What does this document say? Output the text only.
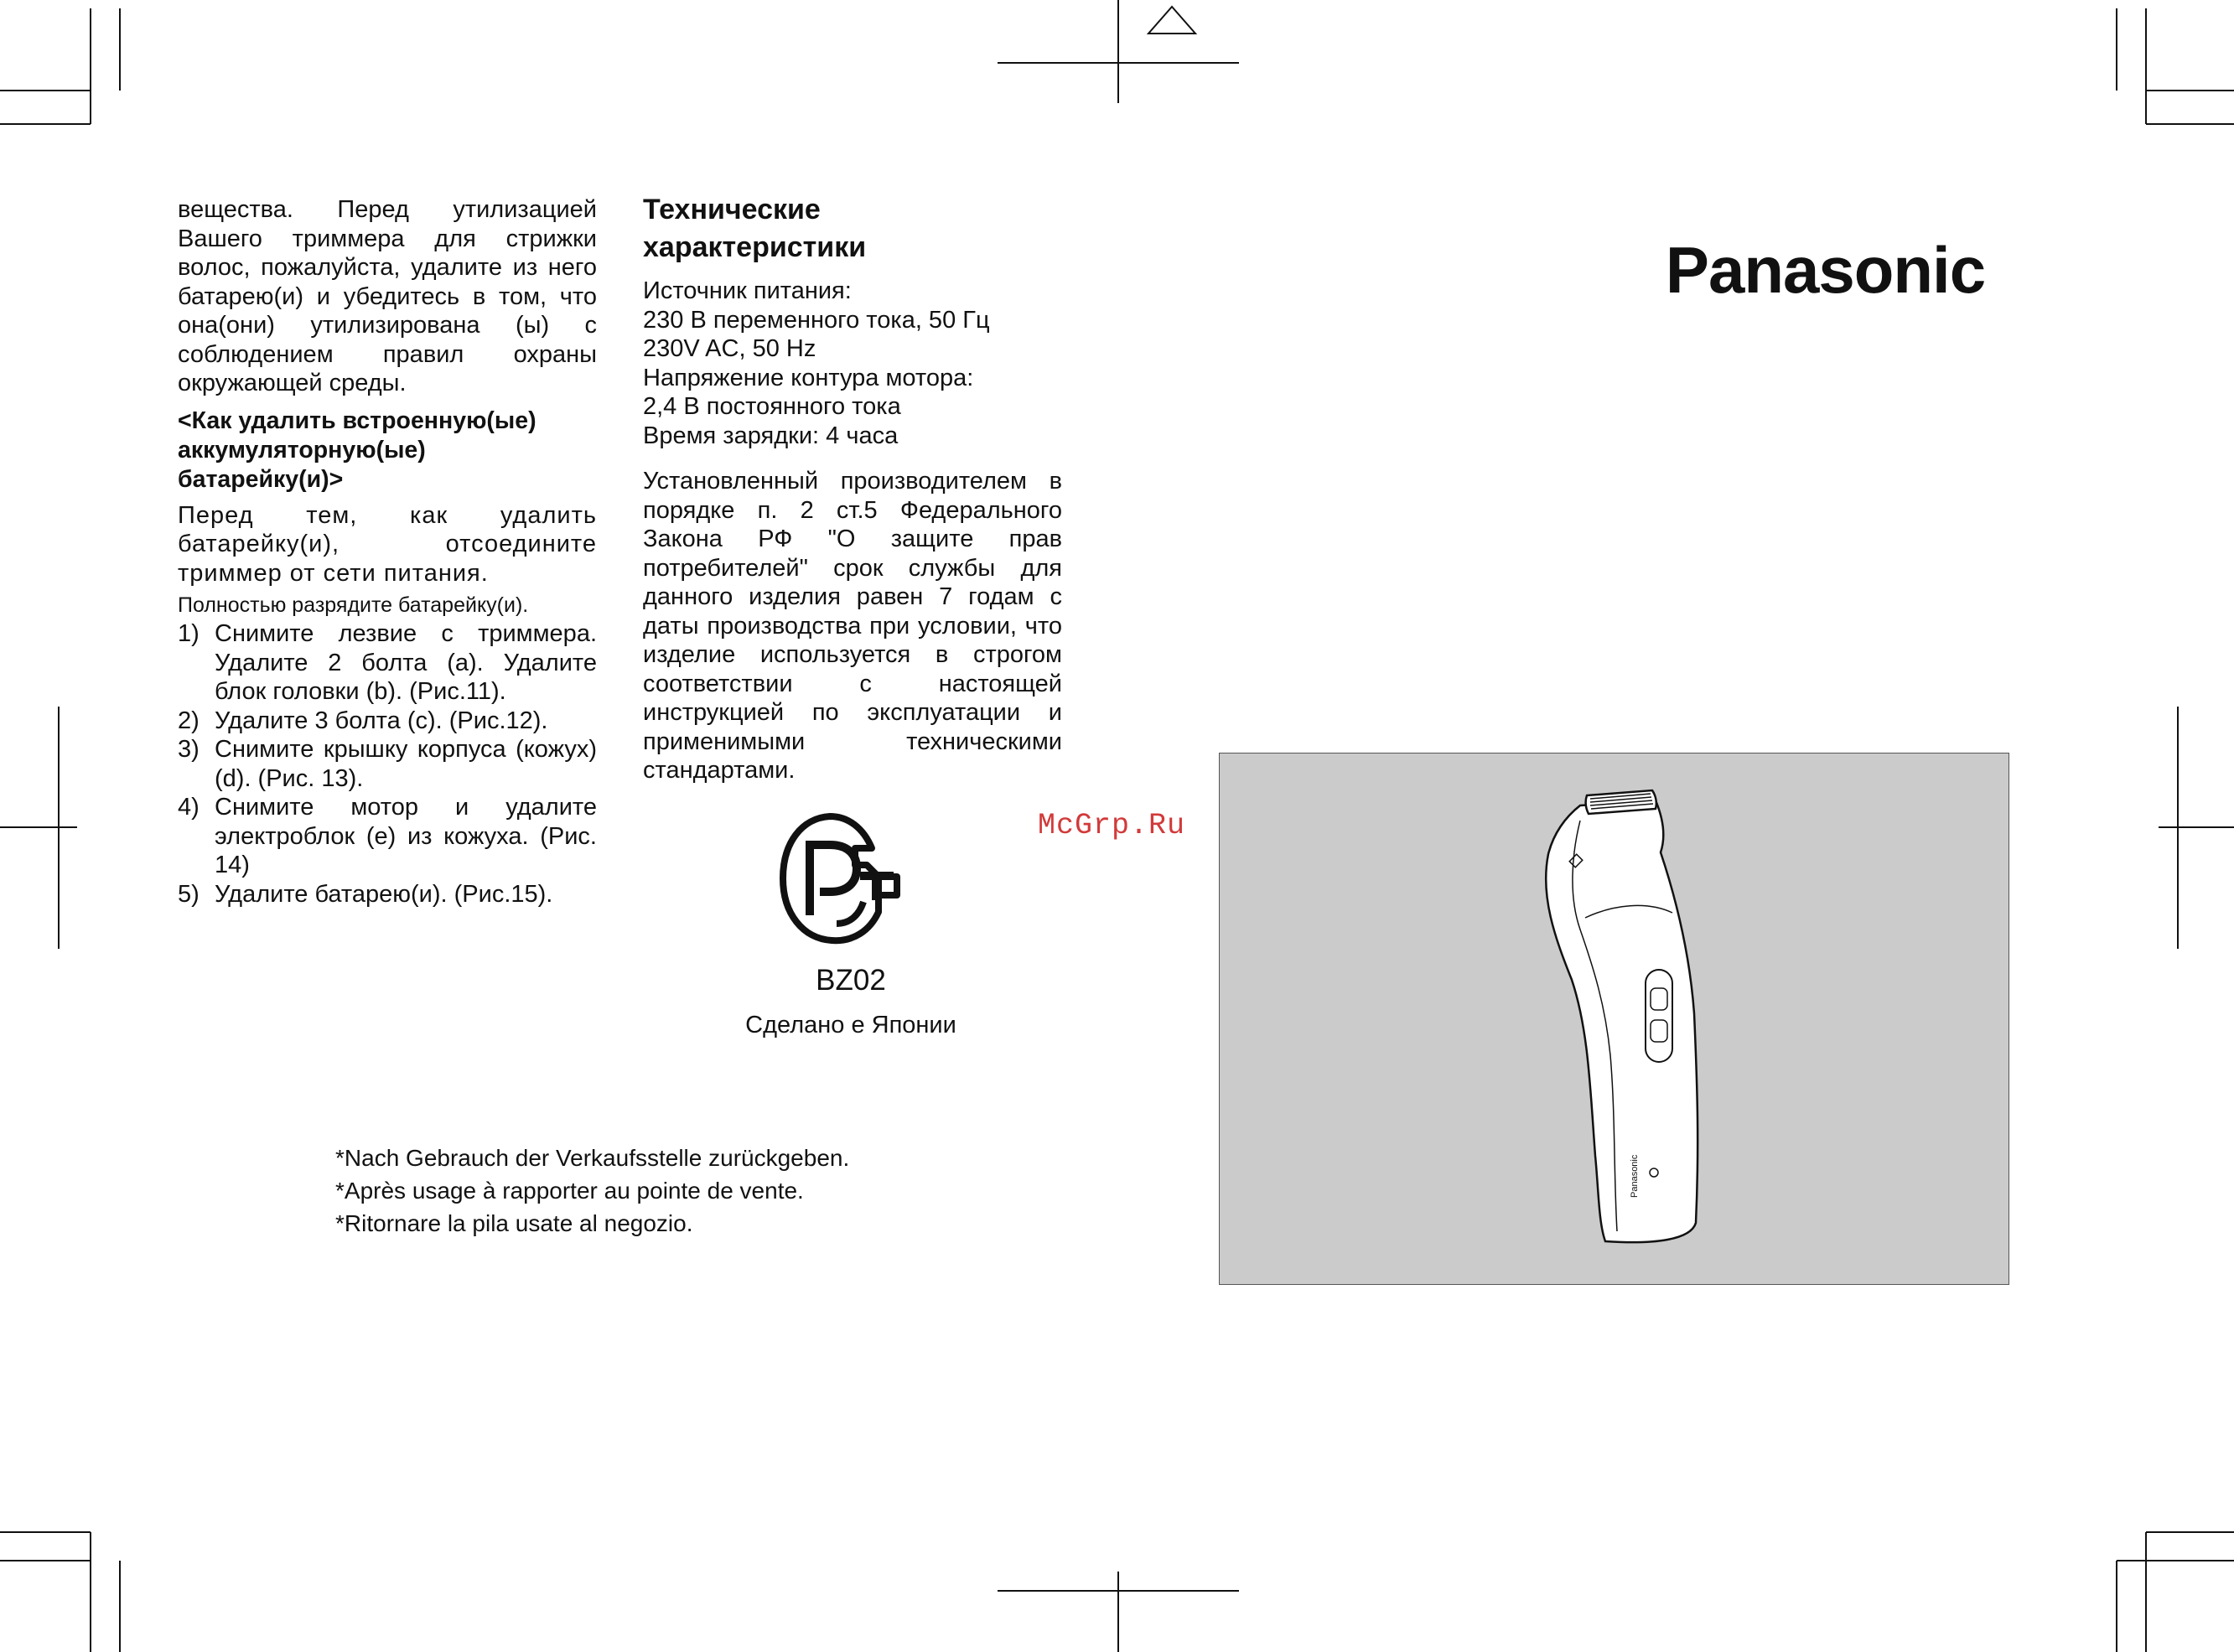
вещества. Перед утилизацией Вашего триммера для стрижки волос, пожалуйста, удалите из него батарею(и) и убедитесь в том, что она(они) утилизирована (ы) с соблюдением правил охраны окружающей среды.
<Как удалить встроенную(ые) аккумуляторную(ые) батарейку(и)>
Перед тем, как удалить батарейку(и), отсоедините триммер от сети питания.
Полностью разрядите батарейку(и).
1) Снимите лезвие с триммера. Удалите 2 болта (a). Удалите блок головки (b). (Рис.11).
2) Удалите 3 болта (c). (Рис.12).
3) Снимите крышку корпуса (кожух) (d). (Рис. 13).
4) Снимите мотор и удалите электроблок (e) из кожуха. (Рис. 14)
5) Удалите батарею(и). (Рис.15).
Технические характеристики
Источник питания:
230 В переменного тока, 50 Гц
230V AC, 50 Hz
Напряжение контура мотора:
2,4 В постоянного тока
Время зарядки: 4 часа
Установленный производителем в порядке п. 2 ст.5 Федерального Закона РФ "О защите прав потребителей" срок службы для данного изделия равен 7 годам с даты производства при условии, что изделие используется в строгом соответствии с настоящей инструкцией по эксплуатации и применимыми техническими стандартами.
BZ02
Сделано е Японии
*Nach Gebrauch der Verkaufsstelle zurückgeben.
*Après usage à rapporter au pointe de vente.
*Ritornare la pila usate al negozio.
Panasonic
McGrp.Ru
Panasonic
